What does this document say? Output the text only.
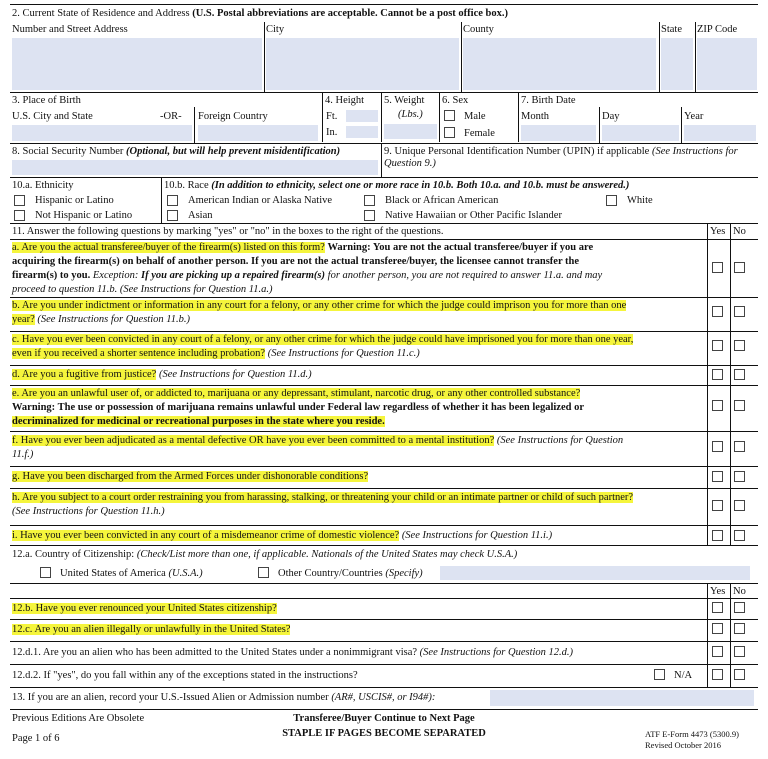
2. Current State of Residence and Address (U.S. Postal abbreviations are acceptable. Cannot be a post office box.)
Number and Street Address	City	County	State ZIP Code
3. Place of Birth
U.S. City and State	-OR- Foreign Country
4. Height
Ft.
In.
5. Weight
(Lbs.)
6. Sex
Male
Female
7. Birth Date
Month	Day	Year
8. Social Security Number (Optional, but will help prevent misidentification)	9. Unique Personal Identification Number (UPIN) if applicable (See Instructions for Question 9.)
10.a. Ethnicity
Hispanic or Latino
Not Hispanic or Latino
10.b. Race (In addition to ethnicity, select one or more race in 10.b. Both 10.a. and 10.b. must be answered.)
American Indian or Alaska Native	Black or African American	White
Asian	Native Hawaiian or Other Pacific Islander
11. Answer the following questions by marking "yes" or "no" in the boxes to the right of the questions.	Yes No
a. Are you the actual transferee/buyer of the firearm(s) listed on this form? Warning: You are not the actual transferee/buyer if you are
acquiring the firearm(s) on behalf of another person. If you are not the actual transferee/buyer, the licensee cannot transfer the
firearm(s) to you. Exception: If you are picking up a repaired firearm(s) for another person, you are not required to answer 11.a. and may
proceed to question 11.b. (See Instructions for Question 11.a.)
b. Are you under indictment or information in any court for a felony, or any other crime for which the judge could imprison you for more than one
year? (See Instructions for Question 11.b.)
c. Have you ever been convicted in any court of a felony, or any other crime for which the judge could have imprisoned you for more than one year,
even if you received a shorter sentence including probation? (See Instructions for Question 11.c.)
d. Are you a fugitive from justice? (See Instructions for Question 11.d.)
e. Are you an unlawful user of, or addicted to, marijuana or any depressant, stimulant, narcotic drug, or any other controlled substance?
Warning: The use or possession of marijuana remains unlawful under Federal law regardless of whether it has been legalized or
decriminalized for medicinal or recreational purposes in the state where you reside.
f. Have you ever been adjudicated as a mental defective OR have you ever been committed to a mental institution? (See Instructions for Question
11.f.)
g. Have you been discharged from the Armed Forces under dishonorable conditions?
h. Are you subject to a court order restraining you from harassing, stalking, or threatening your child or an intimate partner or child of such partner?
(See Instructions for Question 11.h.)
i. Have you ever been convicted in any court of a misdemeanor crime of domestic violence? (See Instructions for Question 11.i.)
12.a. Country of Citizenship: (Check/List more than one, if applicable. Nationals of the United States may check U.S.A.)
United States of America (U.S.A.)	Other Country/Countries (Specify)
Yes No
12.b. Have you ever renounced your United States citizenship?
12.c. Are you an alien illegally or unlawfully in the United States?
12.d.1. Are you an alien who has been admitted to the United States under a nonimmigrant visa? (See Instructions for Question 12.d.)
12.d.2. If "yes", do you fall within any of the exceptions stated in the instructions?	N/A
13. If you are an alien, record your U.S.-Issued Alien or Admission number (AR#, USCIS#, or I94#):
Previous Editions Are Obsolete
Page 1 of 6
Transferee/Buyer Continue to Next Page
STAPLE IF PAGES BECOME SEPARATED	ATF E-Form 4473 (5300.9)
Revised October 2016
